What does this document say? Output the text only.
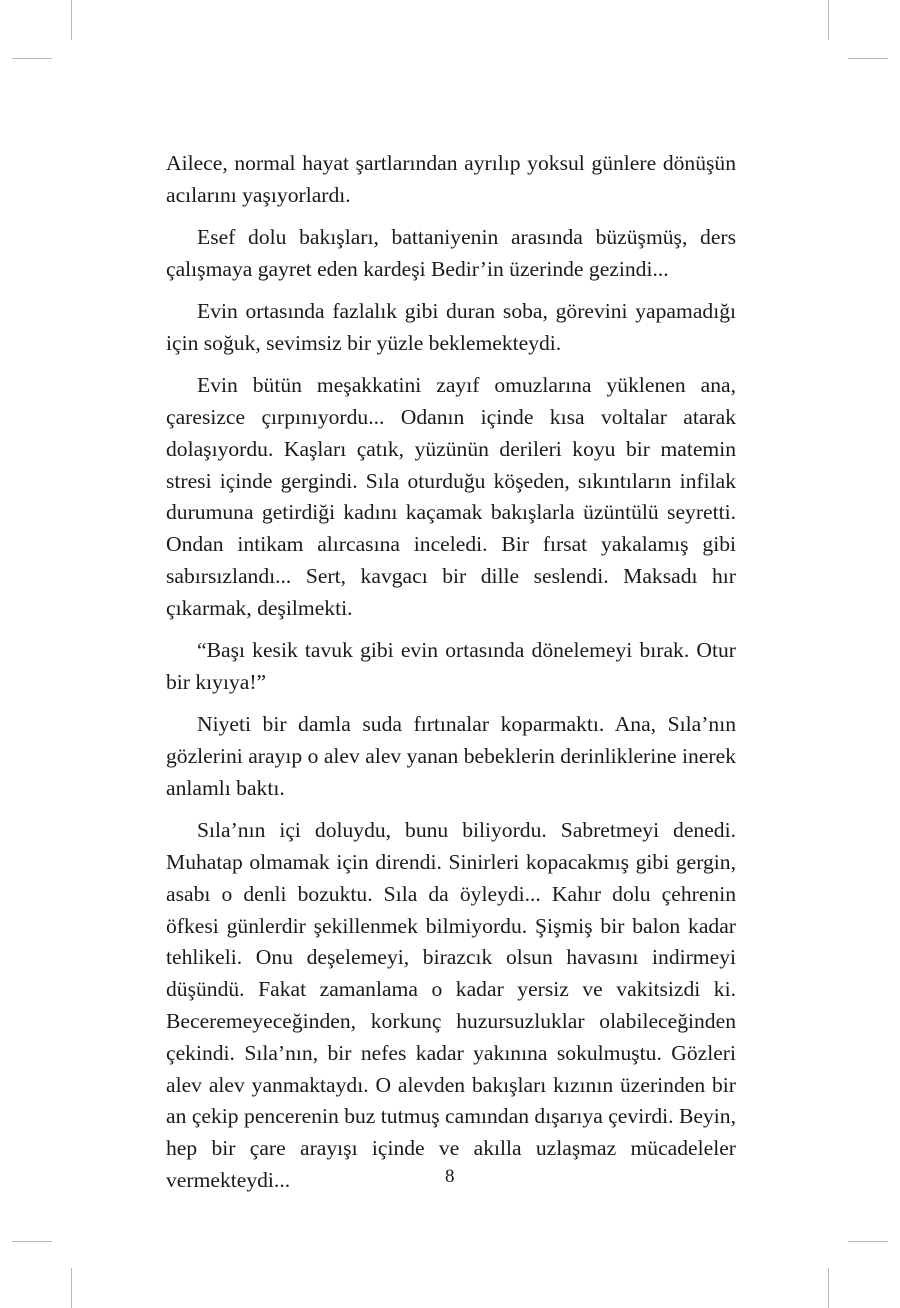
Ailece, normal hayat şartlarından ayrılıp yoksul günlere dönüşün acılarını yaşıyorlardı.

Esef dolu bakışları, battaniyenin arasında büzüşmüş, ders çalışmaya gayret eden kardeşi Bedir’in üzerinde gezindi...

Evin ortasında fazlalık gibi duran soba, görevini yapamadığı için soğuk, sevimsiz bir yüzle beklemekteydi.

Evin bütün meşakkatini zayıf omuzlarına yüklenen ana, çaresizce çırpınıyordu... Odanın içinde kısa voltalar atarak dolaşıyordu. Kaşları çatık, yüzünün derileri koyu bir matemin stresi içinde gergindi. Sıla oturduğu köşeden, sıkıntıların infilak durumuna getirdiği kadını kaçamak bakışlarla üzüntülü seyretti. Ondan intikam alırcasına inceledi. Bir fırsat yakalamış gibi sabırsızlandı... Sert, kavgacı bir dille seslendi. Maksadı hır çıkarmak, deşilmekti.

“Başı kesik tavuk gibi evin ortasında dönelemeyi bırak. Otur bir kıyıya!”

Niyeti bir damla suda fırtınalar koparmaktı. Ana, Sıla’nın gözlerini arayıp o alev alev yanan bebeklerin derinliklerine inerek anlamlı baktı.

Sıla’nın içi doluydu, bunu biliyordu. Sabretmeyi denedi. Muhatap olmamak için direndi. Sinirleri kopacakmış gibi gergin, asabı o denli bozuktu. Sıla da öyleydi... Kahır dolu çehrenin öfkesi günlerdir şekillenmek bilmiyordu. Şişmiş bir balon kadar tehlikeli. Onu deşelemeyi, birazcık olsun havasını indirmeyi düşündü. Fakat zamanlama o kadar yersiz ve vakitsizdi ki. Beceremeyeceğinden, korkunç huzursuzluklar olabileceğinden çekindi. Sıla’nın, bir nefes kadar yakınına sokulmuştu. Gözleri alev alev yanmaktaydı. O alevden bakışları kızının üzerinden bir an çekip pencerenin buz tutmuş camından dışarıya çevirdi. Beyin, hep bir çare arayışı içinde ve akılla uzlaşmaz mücadeleler vermekteydi...	8
